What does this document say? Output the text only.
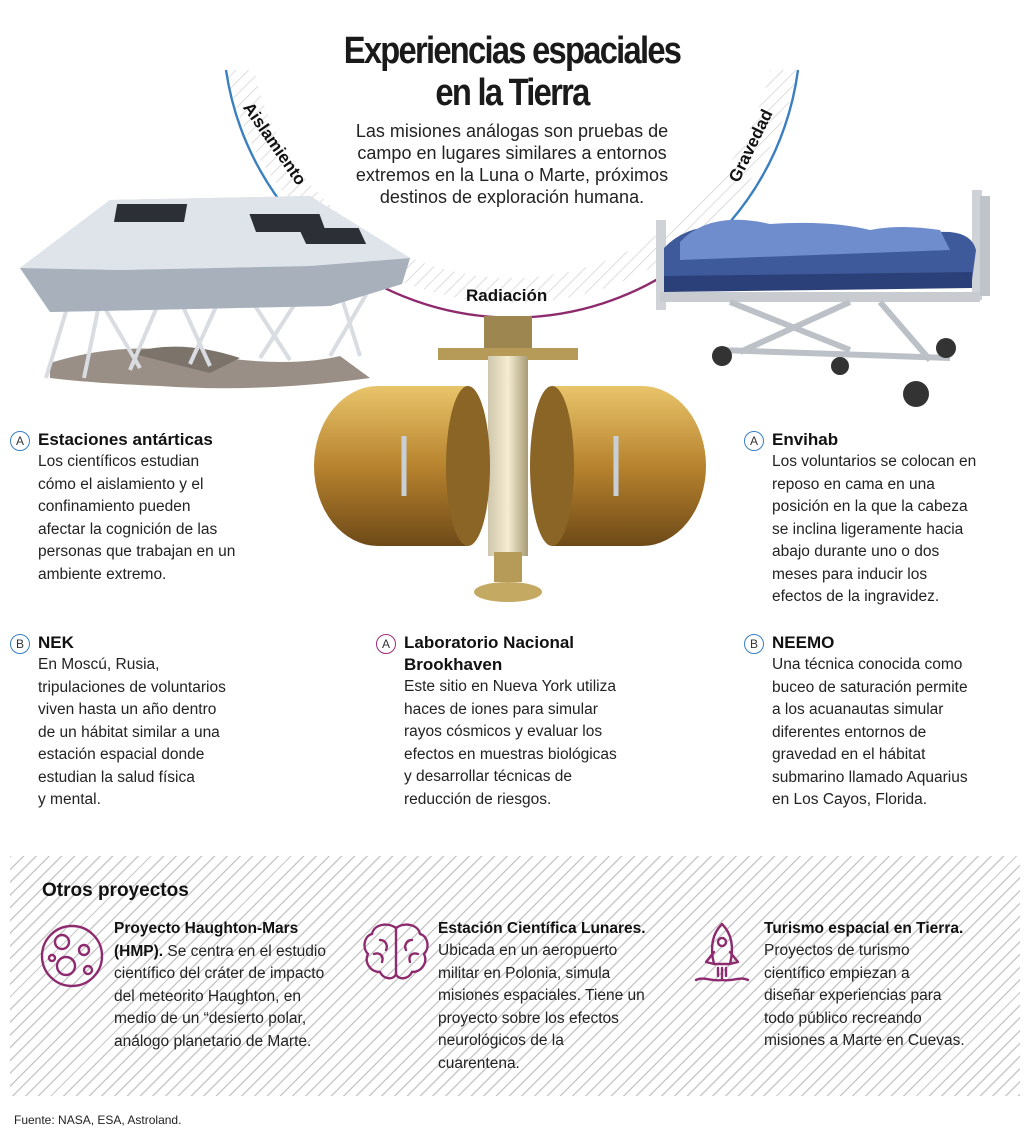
Experiencias espaciales
en la Tierra
Las misiones análogas son pruebas de campo en lugares similares a entornos extremos en la Luna o Marte, próximos destinos de exploración humana.
Aislamiento
Radiación
Gravedad
A Estaciones antárticas
Los científicos estudian
cómo el aislamiento y el
confinamiento pueden
afectar la cognición de las
personas que trabajan en un
ambiente extremo.
B NEK
En Moscú, Rusia,
tripulaciones de voluntarios
viven hasta un año dentro
de un hábitat similar a una
estación espacial donde
estudian la salud física
y mental.
A Laboratorio Nacional
Brookhaven
Este sitio en Nueva York utiliza
haces de iones para simular
rayos cósmicos y evaluar los
efectos en muestras biológicas
y desarrollar técnicas de
reducción de riesgos.
A Envihab
Los voluntarios se colocan en
reposo en cama en una
posición en la que la cabeza
se inclina ligeramente hacia
abajo durante uno o dos
meses para inducir los
efectos de la ingravidez.
B NEEMO
Una técnica conocida como
buceo de saturación permite
a los acuanautas simular
diferentes entornos de
gravedad en el hábitat
submarino llamado Aquarius
en Los Cayos, Florida.
Otros proyectos
Proyecto Haughton-Mars (HMP). Se centra en el estudio científico del cráter de impacto del meteorito Haughton, en medio de un “desierto polar, análogo planetario de Marte.
Estación Científica Lunares.
Ubicada en un aeropuerto
militar en Polonia, simula
misiones espaciales. Tiene un
proyecto sobre los efectos
neurológicos de la
cuarentena.
Turismo espacial en Tierra.
Proyectos de turismo
científico empiezan a
diseñar experiencias para
todo público recreando
misiones a Marte en Cuevas.
Fuente: NASA, ESA, Astroland.
